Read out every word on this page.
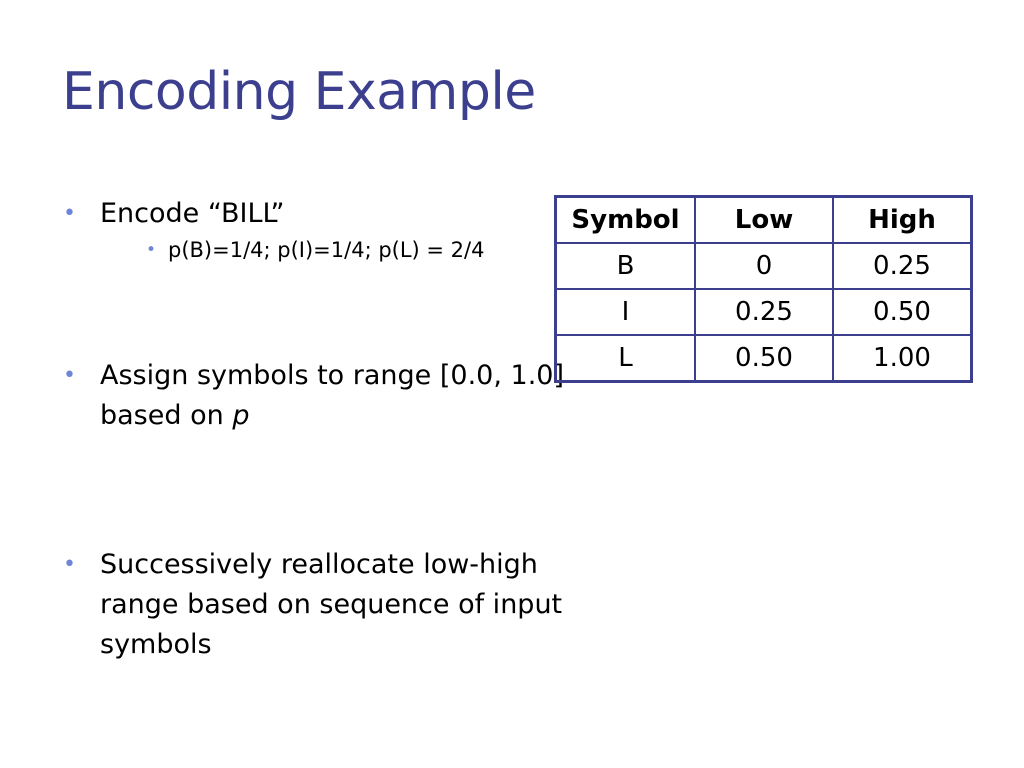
Encoding Example
• Encode “BILL”
• p(B)=1/4; p(I)=1/4; p(L) = 2/4
• Assign symbols to range [0.0, 1.0] based on p
• Successively reallocate low-high range based on sequence of input symbols
Symbol	Low	High
B	0	0.25
I	0.25	0.50
L	0.50	1.00
